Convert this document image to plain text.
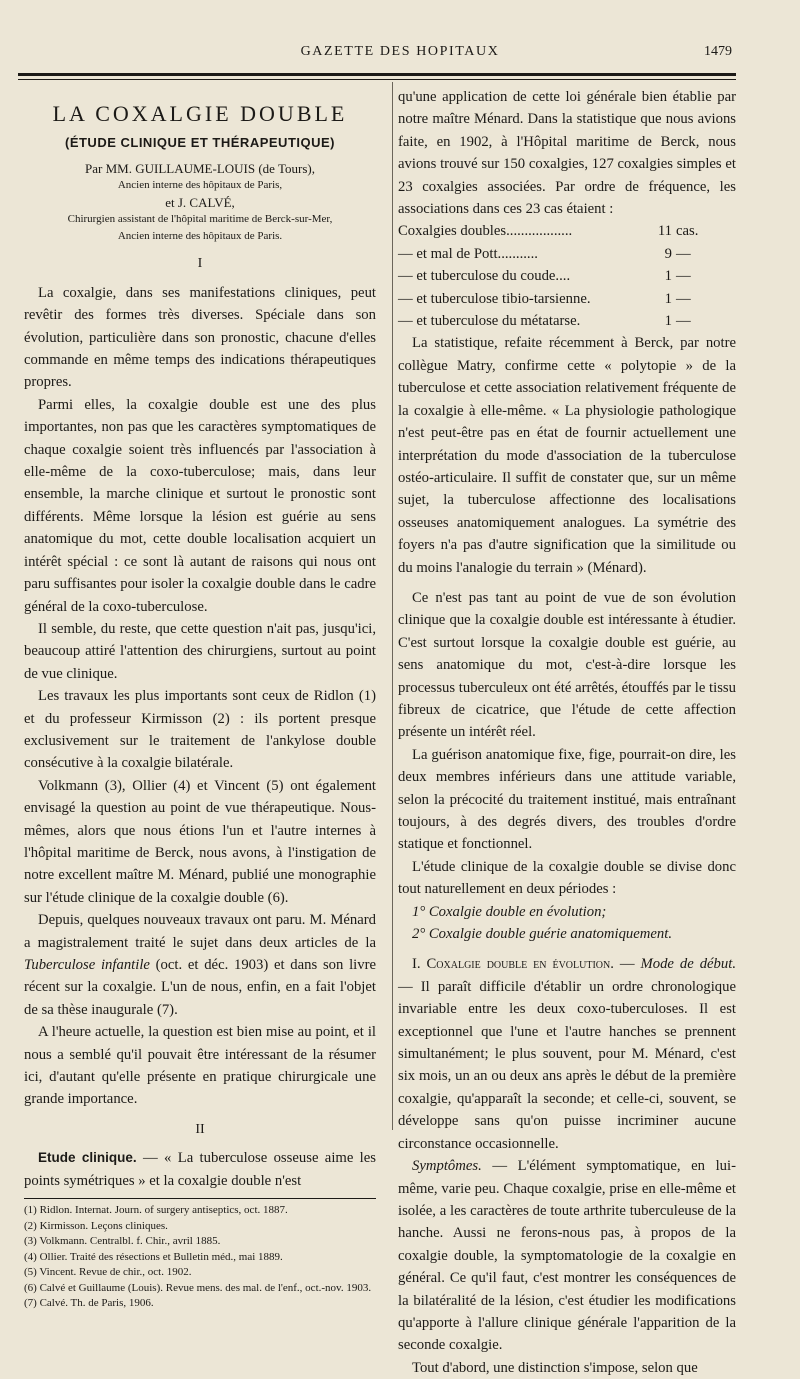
GAZETTE DES HOPITAUX	1479
LA COXALGIE DOUBLE
(ÉTUDE CLINIQUE ET THÉRAPEUTIQUE)
Par MM. GUILLAUME-LOUIS (de Tours),
Ancien interne des hôpitaux de Paris,
et J. CALVÉ,
Chirurgien assistant de l'hôpital maritime de Berck-sur-Mer,
Ancien interne des hôpitaux de Paris.
I

La coxalgie, dans ses manifestations cliniques, peut revêtir des formes très diverses. Spéciale dans son évolution, particulière dans son pronostic, chacune d'elles commande en même temps des indications thérapeutiques propres.

Parmi elles, la coxalgie double est une des plus importantes, non pas que les caractères symptomatiques de chaque coxalgie soient très influencés par l'association à elle-même de la coxo-tuberculose; mais, dans leur ensemble, la marche clinique et surtout le pronostic sont différents. Même lorsque la lésion est guérie au sens anatomique du mot, cette double localisation acquiert un intérêt spécial : ce sont là autant de raisons qui nous ont paru suffisantes pour isoler la coxalgie double dans le cadre général de la coxo-tuberculose.

Il semble, du reste, que cette question n'ait pas, jusqu'ici, beaucoup attiré l'attention des chirurgiens, surtout au point de vue clinique.

Les travaux les plus importants sont ceux de Ridlon (1) et du professeur Kirmisson (2) : ils portent presque exclusivement sur le traitement de l'ankylose double consécutive à la coxalgie bilatérale.

Volkmann (3), Ollier (4) et Vincent (5) ont également envisagé la question au point de vue thérapeutique. Nous-mêmes, alors que nous étions l'un et l'autre internes à l'hôpital maritime de Berck, nous avons, à l'instigation de notre excellent maître M. Ménard, publié une monographie sur l'étude clinique de la coxalgie double (6).

Depuis, quelques nouveaux travaux ont paru. M. Ménard a magistralement traité le sujet dans deux articles de la Tuberculose infantile (oct. et déc. 1903) et dans son livre récent sur la coxalgie. L'un de nous, enfin, en a fait l'objet de sa thèse inaugurale (7).

A l'heure actuelle, la question est bien mise au point, et il nous a semblé qu'il pouvait être intéressant de la résumer ici, d'autant qu'elle présente en pratique chirurgicale une grande importance.

II

Etude clinique. — « La tuberculose osseuse aime les points symétriques » et la coxalgie double n'est

(1) Ridlon. Internat. Journ. of surgery antiseptics, oct. 1887.
(2) Kirmisson. Leçons cliniques.
(3) Volkmann. Centralbl. f. Chir., avril 1885.
(4) Ollier. Traité des résections et Bulletin méd., mai 1889.
(5) Vincent. Revue de chir., oct. 1902.
(6) Calvé et Guillaume (Louis). Revue mens. des mal. de l'enf., oct.-nov. 1903.
(7) Calvé. Th. de Paris, 1906.

qu'une application de cette loi générale bien établie par notre maître Ménard. Dans la statistique que nous avions faite, en 1902, à l'Hôpital maritime de Berck, nous avions trouvé sur 150 coxalgies, 127 coxalgies simples et 23 coxalgies associées. Par ordre de fréquence, les associations dans ces 23 cas étaient :

Coxalgies doubles..................	11	cas.
— et mal de Pott...........	9	—
— et tuberculose du coude....	1	—
— et tuberculose tibio-tarsienne.	1	—
— et tuberculose du métatarse.	1	—

La statistique, refaite récemment à Berck, par notre collègue Matry, confirme cette « polytopie » de la tuberculose et cette association relativement fréquente de la coxalgie à elle-même. « La physiologie pathologique n'est peut-être pas en état de fournir actuellement une interprétation du mode d'association de la tuberculose ostéo-articulaire. Il suffit de constater que, sur un même sujet, la tuberculose affectionne des localisations osseuses anatomiquement analogues. La symétrie des foyers n'a pas d'autre signification que la similitude ou du moins l'analogie du terrain » (Ménard).

Ce n'est pas tant au point de vue de son évolution clinique que la coxalgie double est intéressante à étudier. C'est surtout lorsque la coxalgie double est guérie, au sens anatomique du mot, c'est-à-dire lorsque les processus tuberculeux ont été arrêtés, étouffés par le tissu fibreux de cicatrice, que l'étude de cette affection présente un intérêt réel.

La guérison anatomique fixe, fige, pourrait-on dire, les deux membres inférieurs dans une attitude variable, selon la précocité du traitement institué, mais entraînant toujours, à des degrés divers, des troubles d'ordre statique et fonctionnel.

L'étude clinique de la coxalgie double se divise donc tout naturellement en deux périodes :

1° Coxalgie double en évolution;

2° Coxalgie double guérie anatomiquement.

I. Coxalgie double en évolution. — Mode de début. — Il paraît difficile d'établir un ordre chronologique invariable entre les deux coxo-tuberculoses. Il est exceptionnel que l'une et l'autre hanches se prennent simultanément; le plus souvent, pour M. Ménard, c'est six mois, un an ou deux ans après le début de la première coxalgie, qu'apparaît la seconde; et celle-ci, souvent, se développe sans qu'on puisse incriminer aucune circonstance occasionnelle.

Symptômes. — L'élément symptomatique, en lui-même, varie peu. Chaque coxalgie, prise en elle-même et isolée, a les caractères de toute arthrite tuberculeuse de la hanche. Aussi ne ferons-nous pas, à propos de la coxalgie double, la symptomatologie de la coxalgie en général. Ce qu'il faut, c'est montrer les conséquences de la bilatéralité de la lésion, c'est étudier les modifications qu'apporte à l'allure clinique générale l'apparition de la seconde coxalgie.

Tout d'abord, une distinction s'impose, selon que
